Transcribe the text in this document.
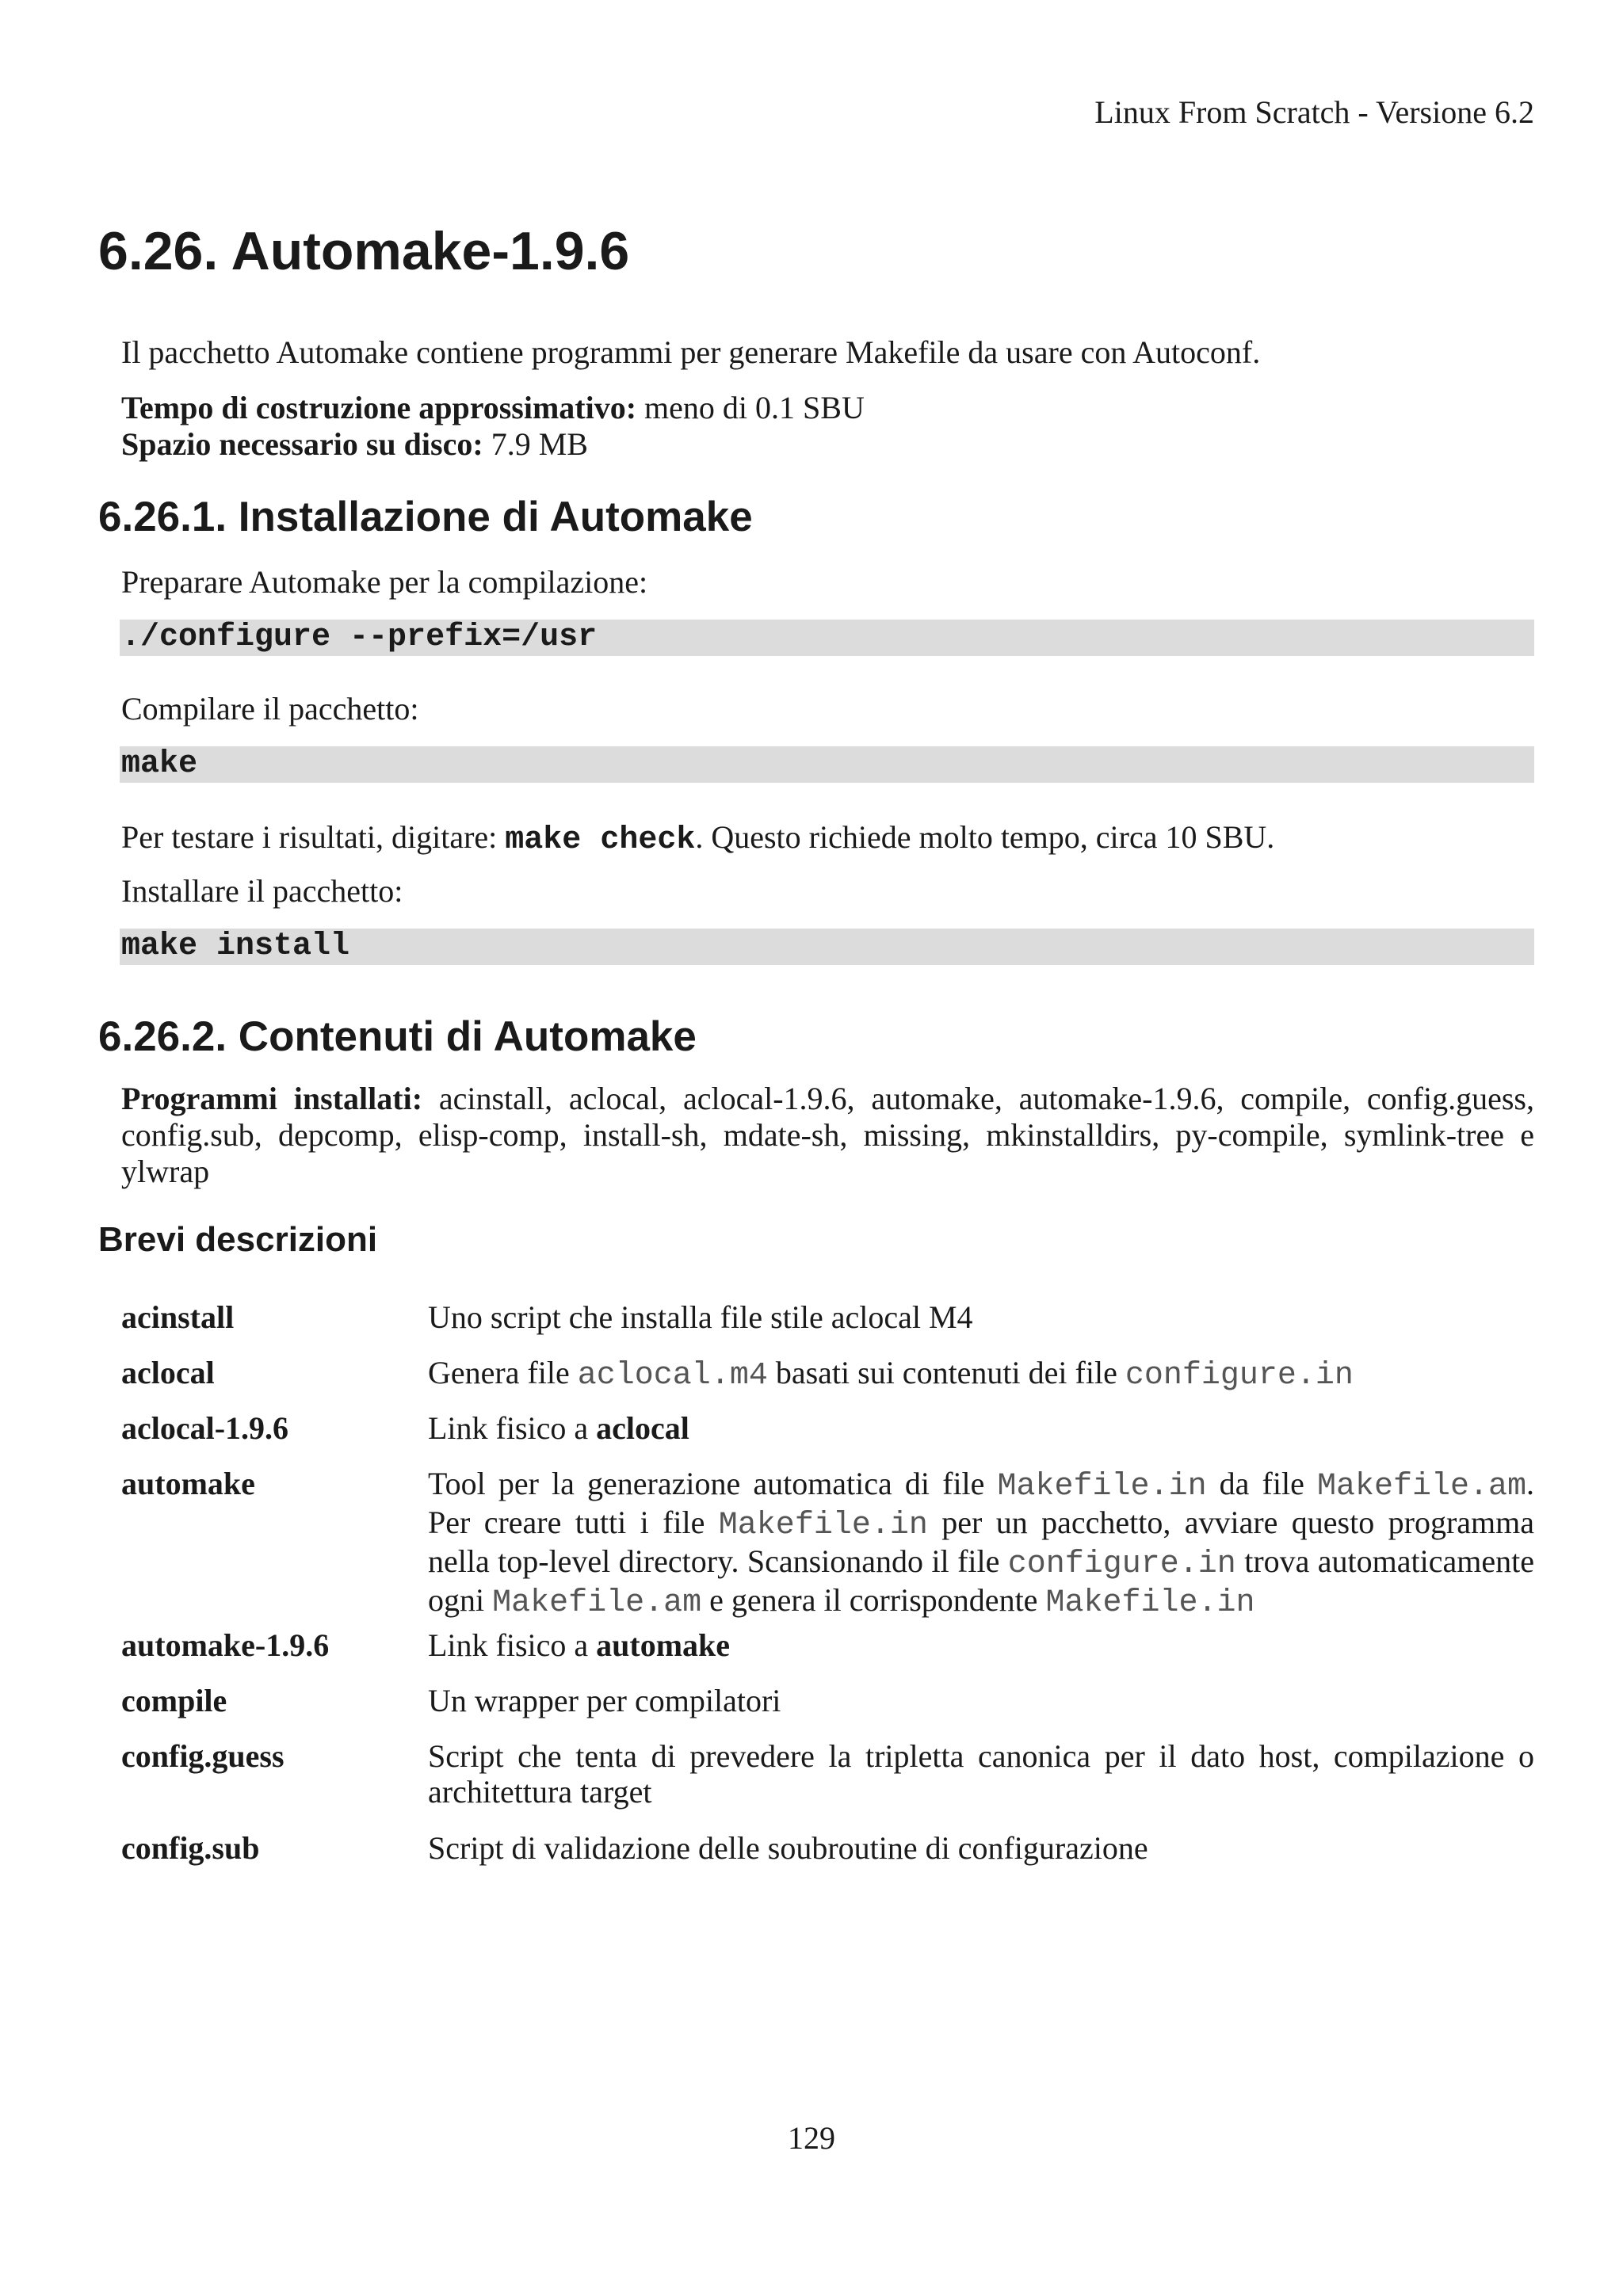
Linux From Scratch - Versione 6.2
6.26. Automake-1.9.6

Il pacchetto Automake contiene programmi per generare Makefile da usare con Autoconf.

Tempo di costruzione approssimativo: meno di 0.1 SBU
Spazio necessario su disco: 7.9 MB

6.26.1. Installazione di Automake

Preparare Automake per la compilazione:

./configure --prefix=/usr

Compilare il pacchetto:

make

Per testare i risultati, digitare: make check. Questo richiede molto tempo, circa 10 SBU.

Installare il pacchetto:

make install
6.26.2. Contenuti di Automake

Programmi installati: acinstall, aclocal, aclocal-1.9.6, automake, automake-1.9.6, compile, config.guess, config.sub, depcomp, elisp-comp, install-sh, mdate-sh, missing, mkinstalldirs, py-compile, symlink-tree e ylwrap

Brevi descrizioni
acinstall	Uno script che installa file stile aclocal M4
aclocal	Genera file aclocal.m4 basati sui contenuti dei file configure.in
aclocal-1.9.6	Link fisico a aclocal
automake	Tool per la generazione automatica di file Makefile.in da file Makefile.am. Per creare tutti i file Makefile.in per un pacchetto, avviare questo programma nella top-level directory. Scansionando il file configure.in trova automaticamente ogni Makefile.am e genera il corrispondente Makefile.in
automake-1.9.6	Link fisico a automake
compile	Un wrapper per compilatori
config.guess	Script che tenta di prevedere la tripletta canonica per il dato host, compilazione o architettura target
config.sub	Script di validazione delle soubroutine di configurazione
129
